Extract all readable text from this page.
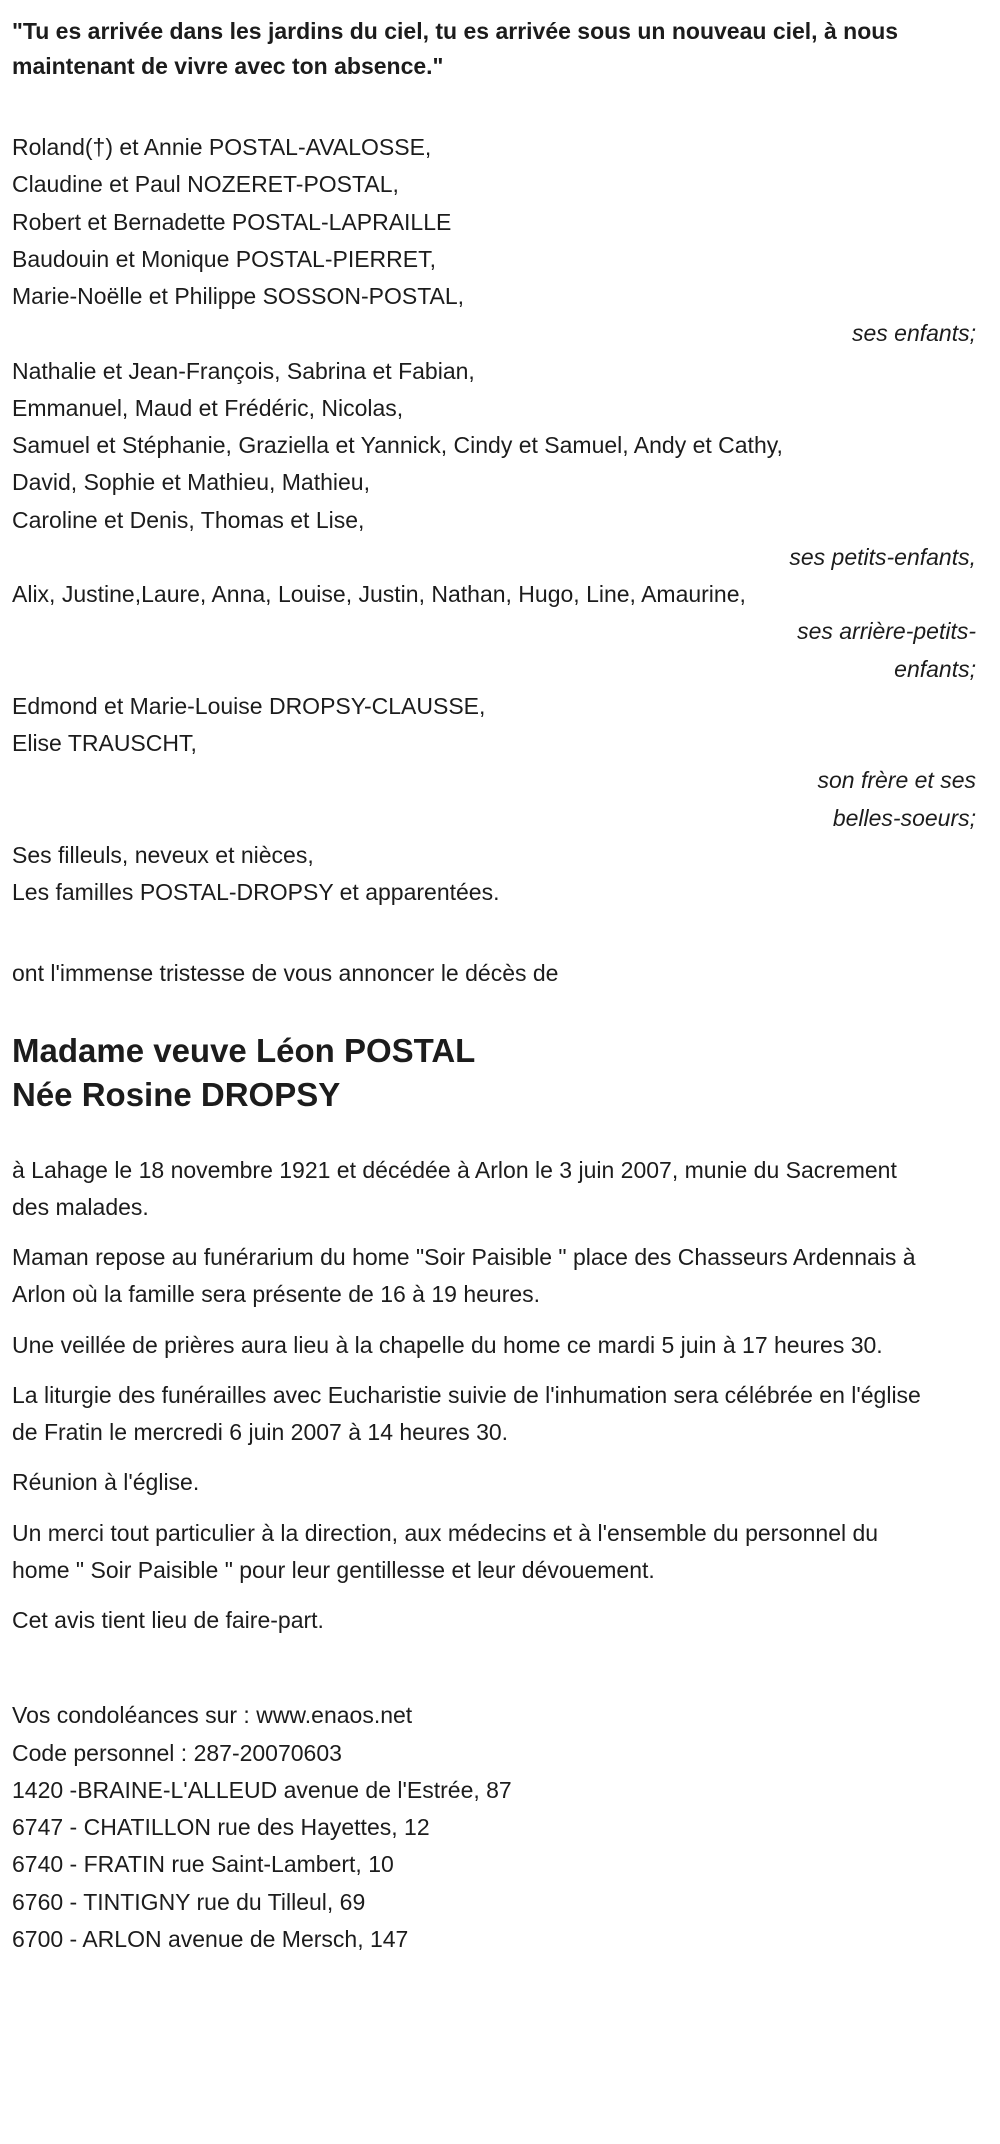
"Tu es arrivée dans les jardins du ciel, tu es arrivée sous un nouveau ciel, à nous maintenant de vivre avec ton absence."
Roland(†) et Annie POSTAL-AVALOSSE,
Claudine et Paul NOZERET-POSTAL,
Robert et Bernadette POSTAL-LAPRAILLE
Baudouin et Monique POSTAL-PIERRET,
Marie-Noëlle et Philippe SOSSON-POSTAL,
ses enfants;
Nathalie et Jean-François, Sabrina et Fabian,
Emmanuel, Maud et Frédéric, Nicolas,
Samuel et Stéphanie, Graziella et Yannick, Cindy et Samuel, Andy et Cathy,
David, Sophie et Mathieu, Mathieu,
Caroline et Denis, Thomas et Lise,
ses petits-enfants,
Alix, Justine,Laure, Anna, Louise, Justin, Nathan, Hugo, Line, Amaurine,
ses arrière-petits-enfants;
Edmond et Marie-Louise DROPSY-CLAUSSE,
Elise TRAUSCHT,
son frère et ses belles-soeurs;
Ses filleuls, neveux et nièces,
Les familles POSTAL-DROPSY et apparentées.
ont l'immense tristesse de vous annoncer le décès de
Madame veuve Léon POSTAL
Née Rosine DROPSY

à Lahage le 18 novembre 1921 et décédée à Arlon le 3 juin 2007, munie du Sacrement des malades.

Maman repose au funérarium du home "Soir Paisible " place des Chasseurs Ardennais à Arlon où la famille sera présente de 16 à 19 heures.

Une veillée de prières aura lieu à la chapelle du home ce mardi 5 juin à 17 heures 30.

La liturgie des funérailles avec Eucharistie suivie de l'inhumation sera célébrée en l'église de Fratin le mercredi 6 juin 2007 à 14 heures 30.

Réunion à l'église.

Un merci tout particulier à la direction, aux médecins et à l'ensemble du personnel du home " Soir Paisible " pour leur gentillesse et leur dévouement.

Cet avis tient lieu de faire-part.

Vos condoléances sur : www.enaos.net
Code personnel : 287-20070603
1420 -BRAINE-L'ALLEUD avenue de l'Estrée, 87
6747 - CHATILLON rue des Hayettes, 12
6740 - FRATIN rue Saint-Lambert, 10
6760 - TINTIGNY rue du Tilleul, 69
6700 - ARLON avenue de Mersch, 147
